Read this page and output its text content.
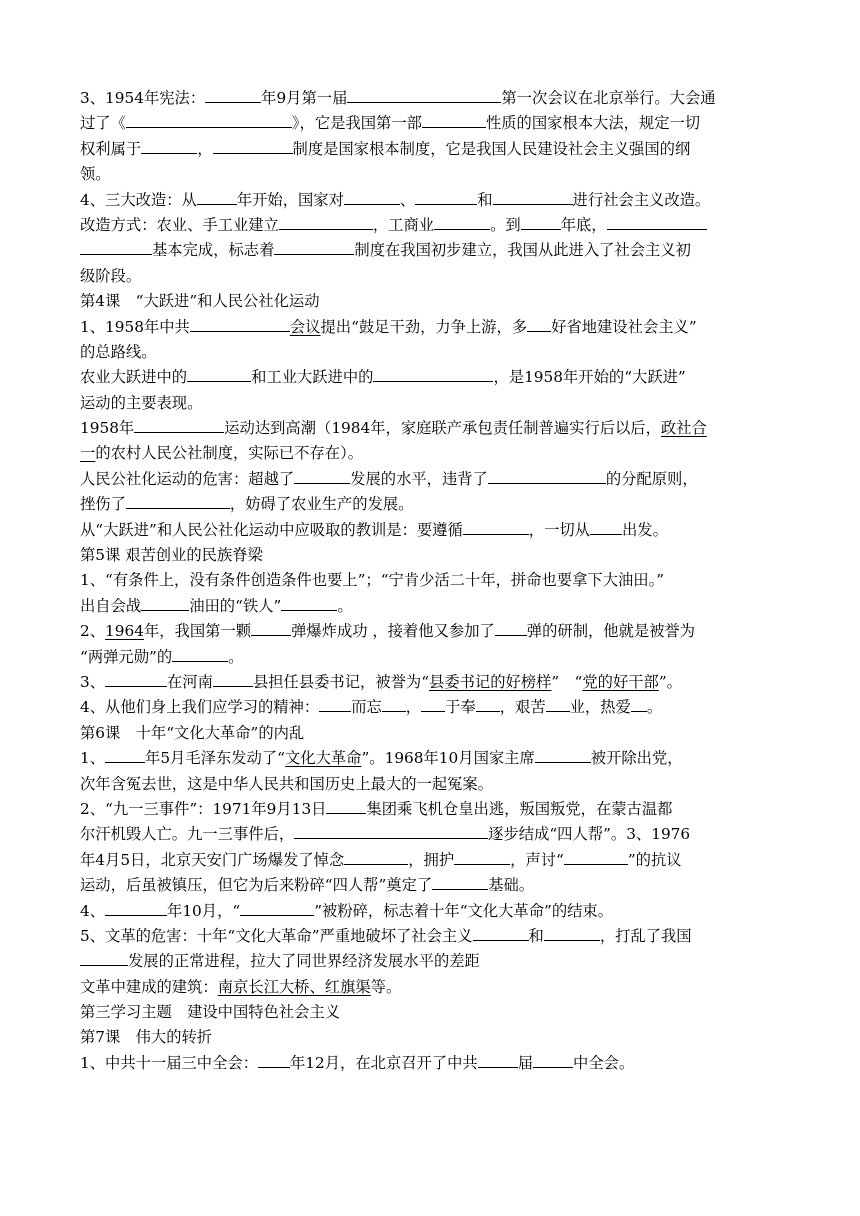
3、1954年宪法：	年9月第一届	第一次会议在北京举行。大会通
过了《	》，它是我国第一部	性质的国家根本大法，规定一切
权利属于	，	制度是国家根本制度，它是我国人民建设社会主义强国的纲
领。
4、三大改造：从	年开始，国家对	、	和	进行社会主义改造。
改造方式：农业、手工业建立	，工商业	。到	年底，
基本完成，标志着	制度在我国初步建立，我国从此进入了社会主义初
级阶段。
第4课　“大跃进”和人民公社化运动
1、1958年中共	会议提出“鼓足干劲，力争上游，多 好省地建设社会主义”
的总路线。
农业大跃进中的	和工业大跃进中的	，是1958年开始的“大跃进”
运动的主要表现。
1958年	运动达到高潮（1984年，家庭联产承包责任制普遍实行后以后，政社合
一的农村人民公社制度，实际已不存在）。
人民公社化运动的危害：超越了	发展的水平，违背了	的分配原则，
挫伤了	，妨碍了农业生产的发展。
从“大跃进”和人民公社化运动中应吸取的教训是：要遵循	，一切从 出发。
第5课 艰苦创业的民族脊梁
1、“有条件上，没有条件创造条件也要上”；“宁肯少活二十年，拼命也要拿下大油田。”
出自会战	油田的“铁人”	。
2、1964年，我国第一颗	弹爆炸成功 ，接着他又参加了 弹的研制，他就是被誉为
“两弹元勋”的	。
3、	在河南	县担任县委书记，被誉为“县委书记的好榜样”　“党的好干部”。
4、从他们身上我们应学习的精神： 而忘 ， 于奉 ，艰苦 业，热爱 。
第6课　十年“文化大革命”的内乱
1、	年5月毛泽东发动了“文化大革命”。1968年10月国家主席	被开除出党，
次年含冤去世，这是中华人民共和国历史上最大的一起冤案。
2、“九一三事件”：1971年9月13日	集团乘飞机仓皇出逃，叛国叛党，在蒙古温都
尔汗机毁人亡。九一三事件后，	逐步结成“四人帮”。3、1976
年4月5日，北京天安门广场爆发了悼念	，拥护	，声讨“	”的抗议
运动，后虽被镇压，但它为后来粉碎“四人帮”奠定了	基础。
4、	年10月，“	”被粉碎，标志着十年“文化大革命”的结束。
5、文革的危害：十年“文化大革命”严重地破坏了社会主义	和	，打乱了我国
发展的正常进程，拉大了同世界经济发展水平的差距
文革中建成的建筑：南京长江大桥、红旗渠等。
第三学习主题　建设中国特色社会主义
第7课　伟大的转折
1、中共十一届三中全会： 年12月，在北京召开了中共	届	中全会。
